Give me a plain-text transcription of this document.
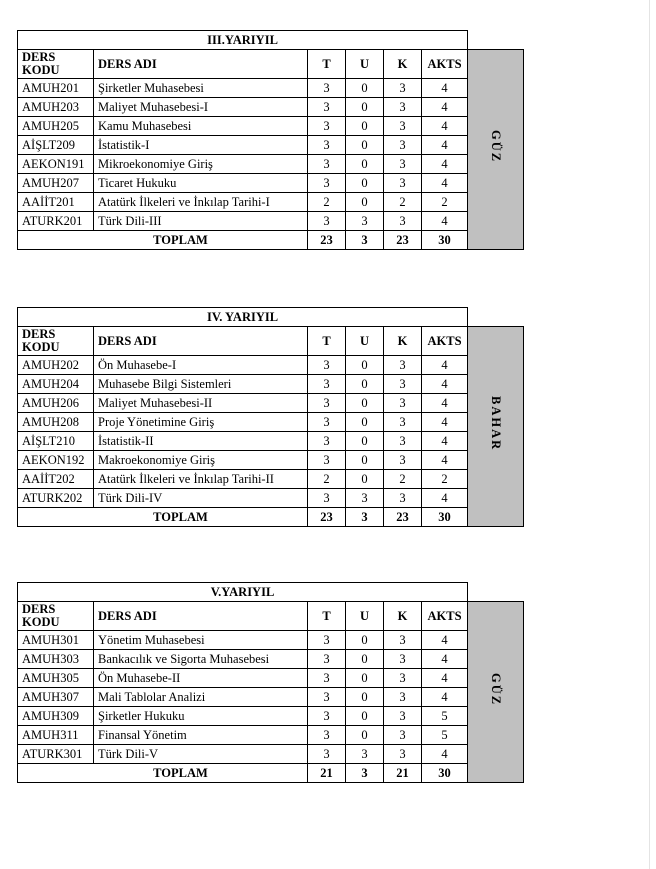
III.YARIYIL						
DERS
KODU	DERS ADI	T	U	K	AKTS	GÜZ
AMUH201	Şirketler Muhasebesi	3	0	3	4	
AMUH203	Maliyet Muhasebesi-I	3	0	3	4	
AMUH205	Kamu Muhasebesi	3	0	3	4	
AİŞLT209	İstatistik-I	3	0	3	4	
AEKON191	Mikroekonomiye Giriş	3	0	3	4	
AMUH207	Ticaret Hukuku	3	0	3	4	
AAİİT201	Atatürk İlkeleri ve İnkılap Tarihi-I	2	0	2	2	
ATURK201	Türk Dili-III	3	3	3	4	
TOPLAM		23	3	23	30	
IV. YARIYIL						
DERS
KODU	DERS ADI	T	U	K	AKTS	BAHAR
AMUH202	Ön Muhasebe-I	3	0	3	4	
AMUH204	Muhasebe Bilgi Sistemleri	3	0	3	4	
AMUH206	Maliyet Muhasebesi-II	3	0	3	4	
AMUH208	Proje Yönetimine Giriş	3	0	3	4	
AİŞLT210	İstatistik-II	3	0	3	4	
AEKON192	Makroekonomiye Giriş	3	0	3	4	
AAİİT202	Atatürk İlkeleri ve İnkılap Tarihi-II	2	0	2	2	
ATURK202	Türk Dili-IV	3	3	3	4	
TOPLAM		23	3	23	30	
V.YARIYIL						
DERS
KODU	DERS ADI	T	U	K	AKTS	GÜZ
AMUH301	Yönetim Muhasebesi	3	0	3	4	
AMUH303	Bankacılık ve Sigorta Muhasebesi	3	0	3	4	
AMUH305	Ön Muhasebe-II	3	0	3	4	
AMUH307	Mali Tablolar Analizi	3	0	3	4	
AMUH309	Şirketler Hukuku	3	0	3	5	
AMUH311	Finansal Yönetim	3	0	3	5	
ATURK301	Türk Dili-V	3	3	3	4	
TOPLAM		21	3	21	30	
